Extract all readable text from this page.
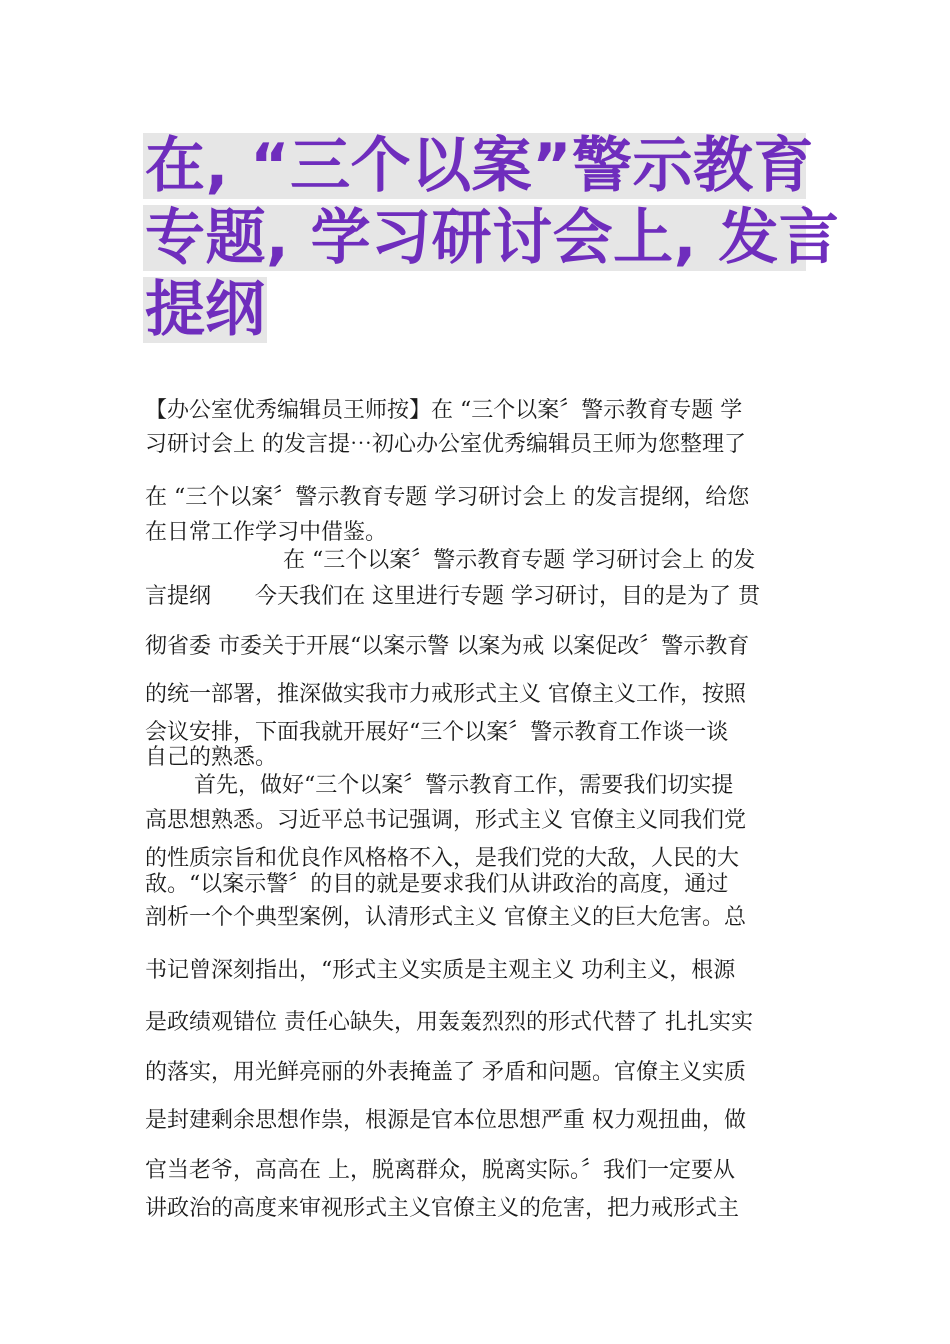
在, “三个以案”警示教育
专题, 学习研讨会上, 发言
提纲
【办公室优秀编辑员王师按】在 “三个以案〞警示教育专题 学
习研讨会上 的发言提⋯初心办公室优秀编辑员王师为您整理了
在 “三个以案〞警示教育专题 学习研讨会上 的发言提纲，给您
在日常工作学习中借鉴。
在 “三个以案〞警示教育专题 学习研讨会上 的发
言提纲　　今天我们在 这里进行专题 学习研讨，目的是为了 贯
彻省委 市委关于开展“以案示警 以案为戒 以案促改〞警示教育
的统一部署，推深做实我市力戒形式主义 官僚主义工作，按照
会议安排，下面我就开展好“三个以案〞警示教育工作谈一谈
自己的熟悉。
首先，做好“三个以案〞警示教育工作，需要我们切实提
高思想熟悉。习近平总书记强调，形式主义 官僚主义同我们党
的性质宗旨和优良作风格格不入，是我们党的大敌，人民的大
敌。“以案示警〞的目的就是要求我们从讲政治的高度，通过
剖析一个个典型案例，认清形式主义 官僚主义的巨大危害。总
书记曾深刻指出，“形式主义实质是主观主义 功利主义，根源
是政绩观错位 责任心缺失，用轰轰烈烈的形式代替了 扎扎实实
的落实，用光鲜亮丽的外表掩盖了 矛盾和问题。官僚主义实质
是封建剩余思想作祟，根源是官本位思想严重 权力观扭曲，做
官当老爷，高高在 上，脱离群众，脱离实际。〞我们一定要从
讲政治的高度来审视形式主义官僚主义的危害，把力戒形式主
